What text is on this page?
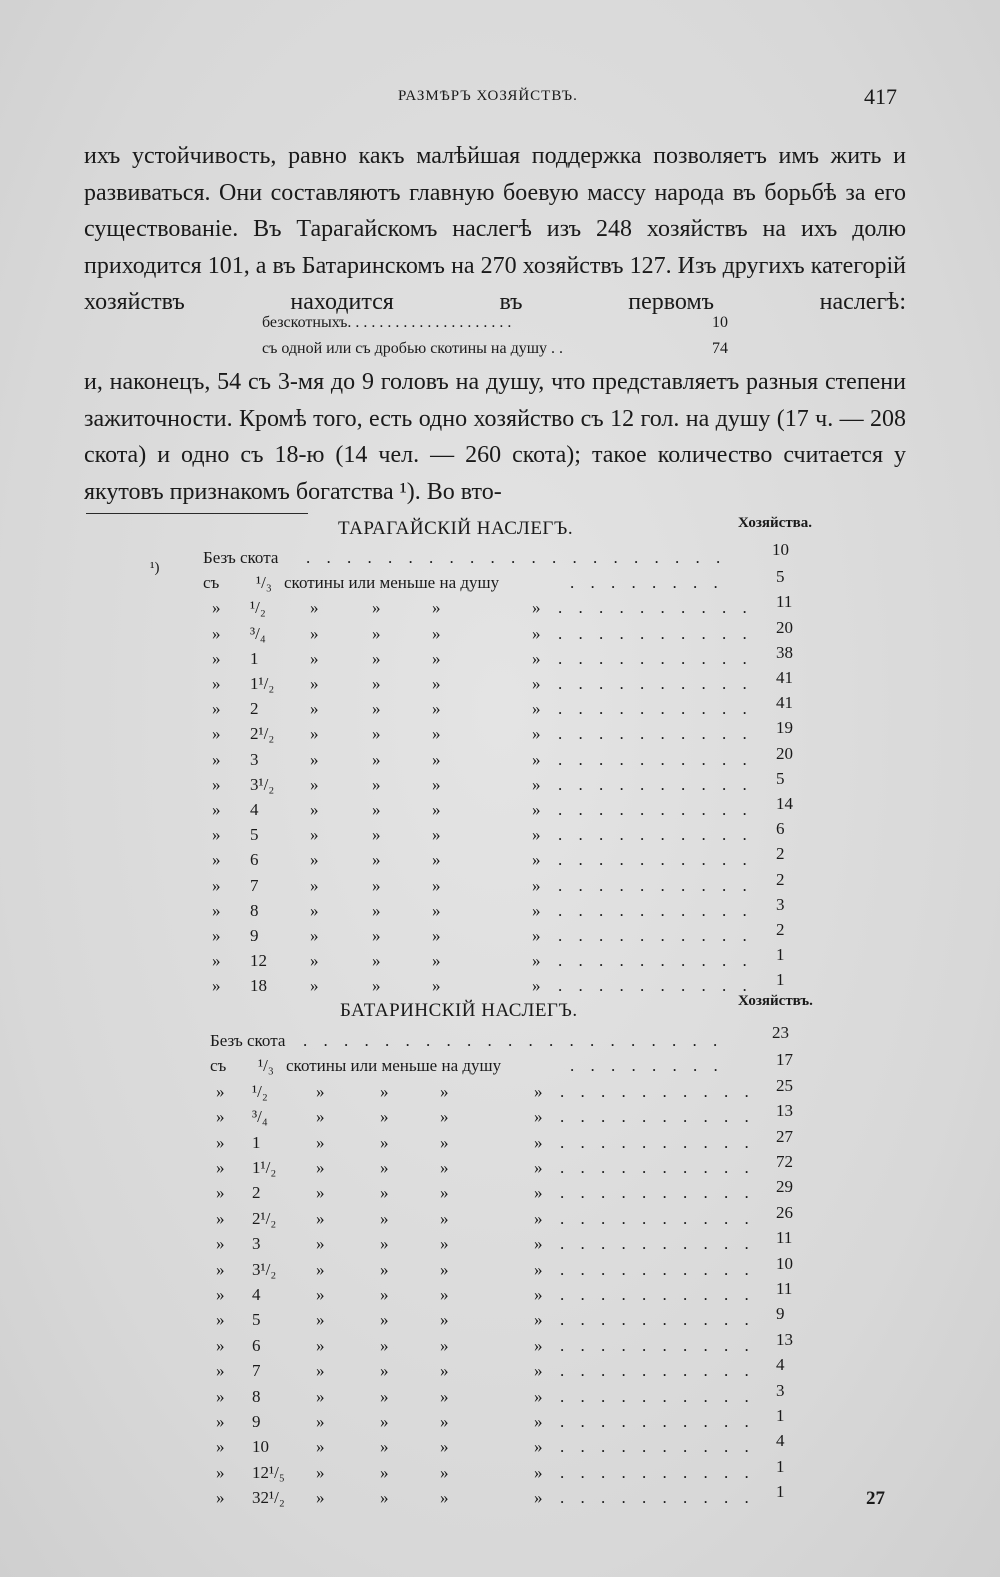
РАЗМѢРЪ ХОЗЯЙСТВЪ.	417

ихъ устойчивость, равно какъ малѣйшая поддержка позволяетъ имъ жить и развиваться. Они составляютъ главную боевую массу народа въ борьбѣ за его существованіе. Въ Тарагайскомъ наслегѣ изъ 248 хозяйствъ на ихъ долю приходится 101, а въ Батаринскомъ на 270 хозяйствъ 127. Изъ другихъ категорій хозяйствъ находится въ первомъ наслегѣ:

безскотныхъ. . . . . . . . . . . . . . . . . . . . .	10
съ одной или съ дробью скотины на душу . .	74

и, наконецъ, 54 съ 3-мя до 9 головъ на душу, что представляетъ разныя степени зажиточности. Кромѣ того, есть одно хозяйство съ 12 гол. на душу (17 ч. — 208 скота) и одно съ 18-ю (14 чел. — 260 скота); такое количество считается у якутовъ признакомъ богатства ¹). Во вто-

¹)
ТАРАГАЙСКІЙ НАСЛЕГЪ.	Хозяйства.
Безъ скота . . . . . . . . . . . . . . . . . . . . .	10
съ ¹/₃ скотины или меньше на душу	. . . . . . . .	5
» ¹/₂	»	»	»	» . . . . . . . . . . 11
» ³/₄	»	»	»	» . . . . . . . . . . 20
» 1	»	»	»	» . . . . . . . . . . 38
» 1¹/₂ »	»	»	» . . . . . . . . . . 41
» 2	»	»	»	» . . . . . . . . . . 41
» 2¹/₂ »	»	»	» . . . . . . . . . . 19
» 3	»	»	»	» . . . . . . . . . . 20
» 3¹/₂ »	»	»	» . . . . . . . . . . 5
» 4	»	»	»	» . . . . . . . . . . 14
» 5	»	»	»	» . . . . . . . . . . 6
» 6	»	»	»	» . . . . . . . . . . 2
» 7	»	»	»	» . . . . . . . . . . 2
» 8	»	»	»	» . . . . . . . . . . 3
» 9	»	»	»	» . . . . . . . . . . 2
» 12	»	»	»	» . . . . . . . . . . 1
» 18	»	»	»	» . . . . . . . . . . 1
БАТАРИНСКІЙ НАСЛЕГЪ.	Хозяйствъ.
Безъ скота . . . . . . . . . . . . . . . . . . . . .	23
съ ¹/₃ скотины или меньше на душу	. . . . . . . .	17
» ¹/₂	»	»	»	» . . . . . . . . . . 25
» ³/₄	»	»	»	» . . . . . . . . . . 13
» 1	»	»	»	» . . . . . . . . . . 27
» 1¹/₂ »	»	»	» . . . . . . . . . . 72
» 2	»	»	»	» . . . . . . . . . . 29
» 2¹/₂ »	»	»	» . . . . . . . . . . 26
» 3	»	»	»	» . . . . . . . . . . 11
» 3¹/₂ »	»	»	» . . . . . . . . . . 10
» 4	»	»	»	» . . . . . . . . . . 11
» 5	»	»	»	» . . . . . . . . . . 9
» 6	»	»	»	» . . . . . . . . . . 13
» 7	»	»	»	» . . . . . . . . . . 4
» 8	»	»	»	» . . . . . . . . . . 3
» 9	»	»	»	» . . . . . . . . . . 1
» 10	»	»	»	» . . . . . . . . . . 4
» 12¹/₅ »	»	»	» . . . . . . . . . . 1
» 32¹/₂ »	»	»	» . . . . . . . . . . 1	27
